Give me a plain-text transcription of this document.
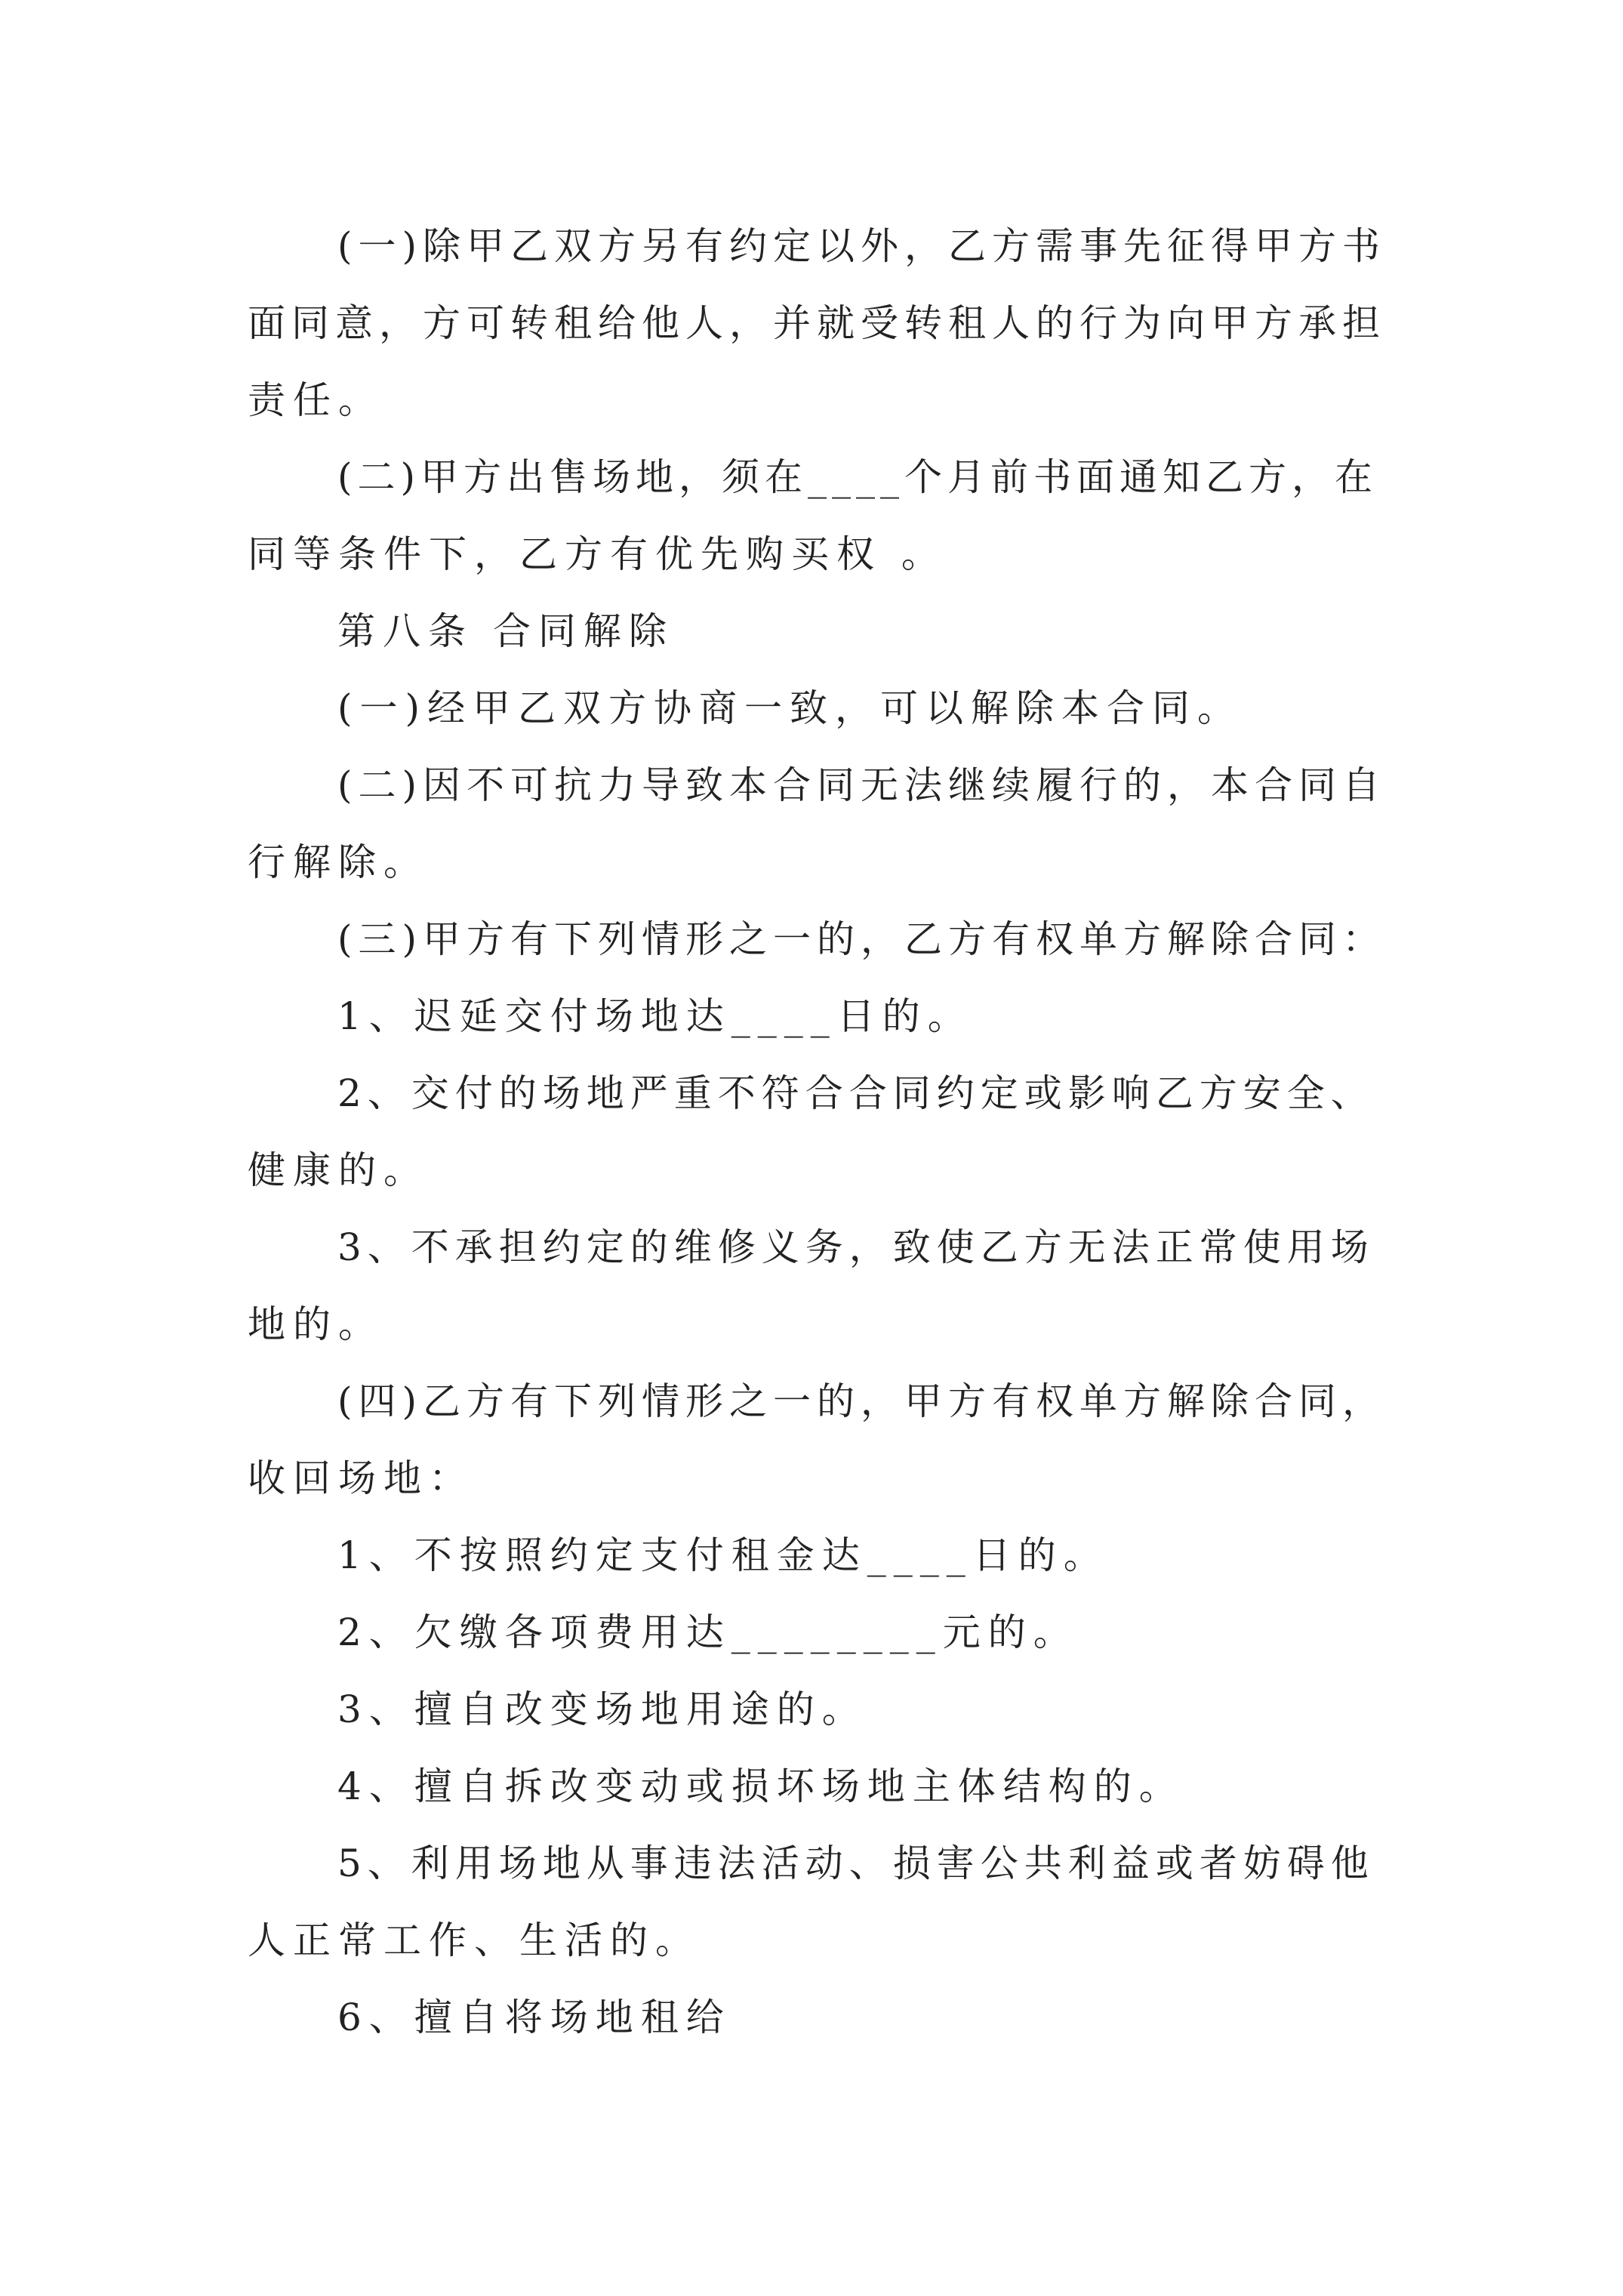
(一)除甲乙双方另有约定以外，乙方需事先征得甲方书
面同意，方可转租给他人，并就受转租人的行为向甲方承担
责任。
(二)甲方出售场地，须在____个月前书面通知乙方，在
同等条件下，乙方有优先购买权 。
第八条 合同解除
(一)经甲乙双方协商一致，可以解除本合同。
(二)因不可抗力导致本合同无法继续履行的，本合同自
行解除。
(三)甲方有下列情形之一的，乙方有权单方解除合同：
1、迟延交付场地达____日的。
2、交付的场地严重不符合合同约定或影响乙方安全、
健康的。
3、不承担约定的维修义务，致使乙方无法正常使用场
地的。
(四)乙方有下列情形之一的，甲方有权单方解除合同，
收回场地：
1、不按照约定支付租金达____日的。
2、欠缴各项费用达________元的。
3、擅自改变场地用途的。
4、擅自拆改变动或损坏场地主体结构的。
5、利用场地从事违法活动、损害公共利益或者妨碍他
人正常工作、生活的。
6、擅自将场地租给
